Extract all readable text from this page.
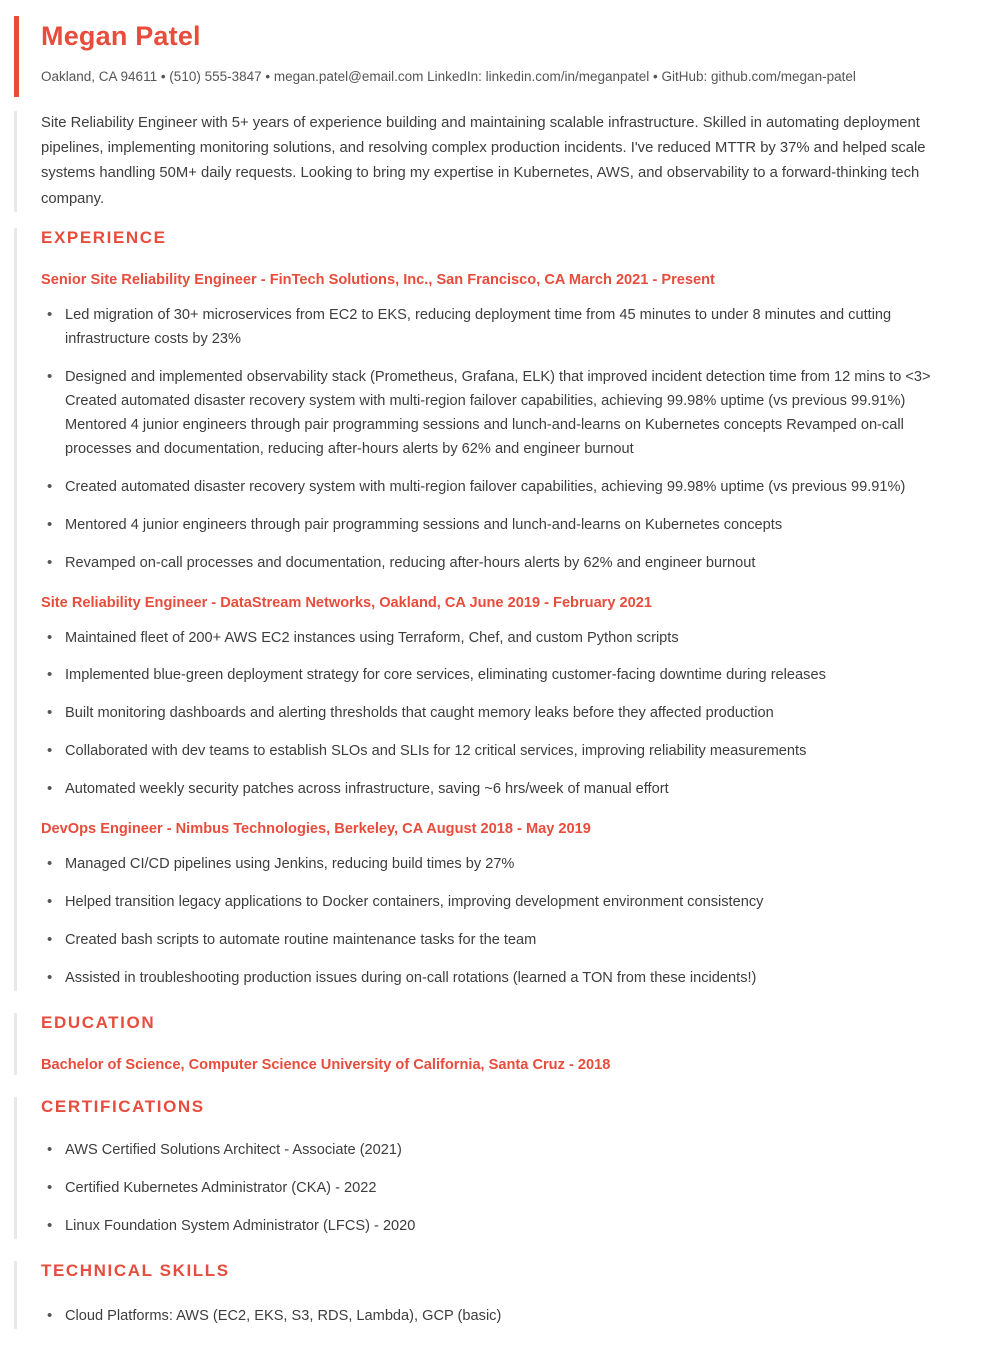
Megan Patel

Oakland, CA 94611 • (510) 555-3847 • megan.patel@email.com LinkedIn: linkedin.com/in/meganpatel • GitHub: github.com/megan-patel

Site Reliability Engineer with 5+ years of experience building and maintaining scalable infrastructure. Skilled in automating deployment pipelines, implementing monitoring solutions, and resolving complex production incidents. I've reduced MTTR by 37% and helped scale systems handling 50M+ daily requests. Looking to bring my expertise in Kubernetes, AWS, and observability to a forward-thinking tech company.

EXPERIENCE
Senior Site Reliability Engineer - FinTech Solutions, Inc., San Francisco, CA March 2021 - Present
• Led migration of 30+ microservices from EC2 to EKS, reducing deployment time from 45 minutes to under 8 minutes and cutting infrastructure costs by 23%
• Designed and implemented observability stack (Prometheus, Grafana, ELK) that improved incident detection time from 12 mins to <3> Created automated disaster recovery system with multi-region failover capabilities, achieving 99.98% uptime (vs previous 99.91%) Mentored 4 junior engineers through pair programming sessions and lunch-and-learns on Kubernetes concepts Revamped on-call processes and documentation, reducing after-hours alerts by 62% and engineer burnout
• Created automated disaster recovery system with multi-region failover capabilities, achieving 99.98% uptime (vs previous 99.91%)
• Mentored 4 junior engineers through pair programming sessions and lunch-and-learns on Kubernetes concepts
• Revamped on-call processes and documentation, reducing after-hours alerts by 62% and engineer burnout
Site Reliability Engineer - DataStream Networks, Oakland, CA June 2019 - February 2021
• Maintained fleet of 200+ AWS EC2 instances using Terraform, Chef, and custom Python scripts
• Implemented blue-green deployment strategy for core services, eliminating customer-facing downtime during releases
• Built monitoring dashboards and alerting thresholds that caught memory leaks before they affected production
• Collaborated with dev teams to establish SLOs and SLIs for 12 critical services, improving reliability measurements
• Automated weekly security patches across infrastructure, saving ~6 hrs/week of manual effort
DevOps Engineer - Nimbus Technologies, Berkeley, CA August 2018 - May 2019
• Managed CI/CD pipelines using Jenkins, reducing build times by 27%
• Helped transition legacy applications to Docker containers, improving development environment consistency
• Created bash scripts to automate routine maintenance tasks for the team
• Assisted in troubleshooting production issues during on-call rotations (learned a TON from these incidents!)
EDUCATION

Bachelor of Science, Computer Science University of California, Santa Cruz - 2018

CERTIFICATIONS
• AWS Certified Solutions Architect - Associate (2021)
• Certified Kubernetes Administrator (CKA) - 2022
• Linux Foundation System Administrator (LFCS) - 2020
TECHNICAL SKILLS
• Cloud Platforms: AWS (EC2, EKS, S3, RDS, Lambda), GCP (basic)
